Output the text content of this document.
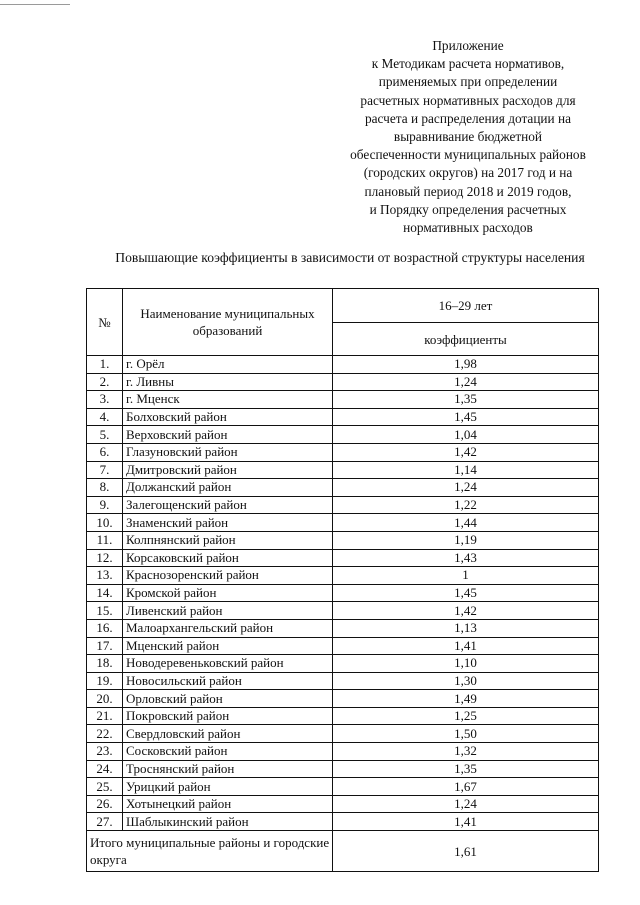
Приложение
к Методикам расчета нормативов,
применяемых при определении
расчетных нормативных расходов для
расчета и распределения дотации на
выравнивание бюджетной
обеспеченности муниципальных районов
(городских округов) на 2017 год и на
плановый период 2018 и 2019 годов,
и Порядку определения расчетных
нормативных расходов
Повышающие коэффициенты в зависимости от возрастной структуры населения
№	Наименование муниципальных образований	16–29 лет
		коэффициенты
1.	г. Орёл	1,98
2.	г. Ливны	1,24
3.	г. Мценск	1,35
4.	Болховский район	1,45
5.	Верховский район	1,04
6.	Глазуновский район	1,42
7.	Дмитровский район	1,14
8.	Должанский район	1,24
9.	Залегощенский район	1,22
10.	Знаменский район	1,44
11.	Колпнянский район	1,19
12.	Корсаковский район	1,43
13.	Краснозоренский район	1
14.	Кромской район	1,45
15.	Ливенский район	1,42
16.	Малоархангельский район	1,13
17.	Мценский район	1,41
18.	Новодеревеньковский район	1,10
19.	Новосильский район	1,30
20.	Орловский район	1,49
21.	Покровский район	1,25
22.	Свердловский район	1,50
23.	Сосковский район	1,32
24.	Троснянский район	1,35
25.	Урицкий район	1,67
26.	Хотынецкий район	1,24
27.	Шаблыкинский район	1,41
Итого муниципальные районы и городские округа		1,61
